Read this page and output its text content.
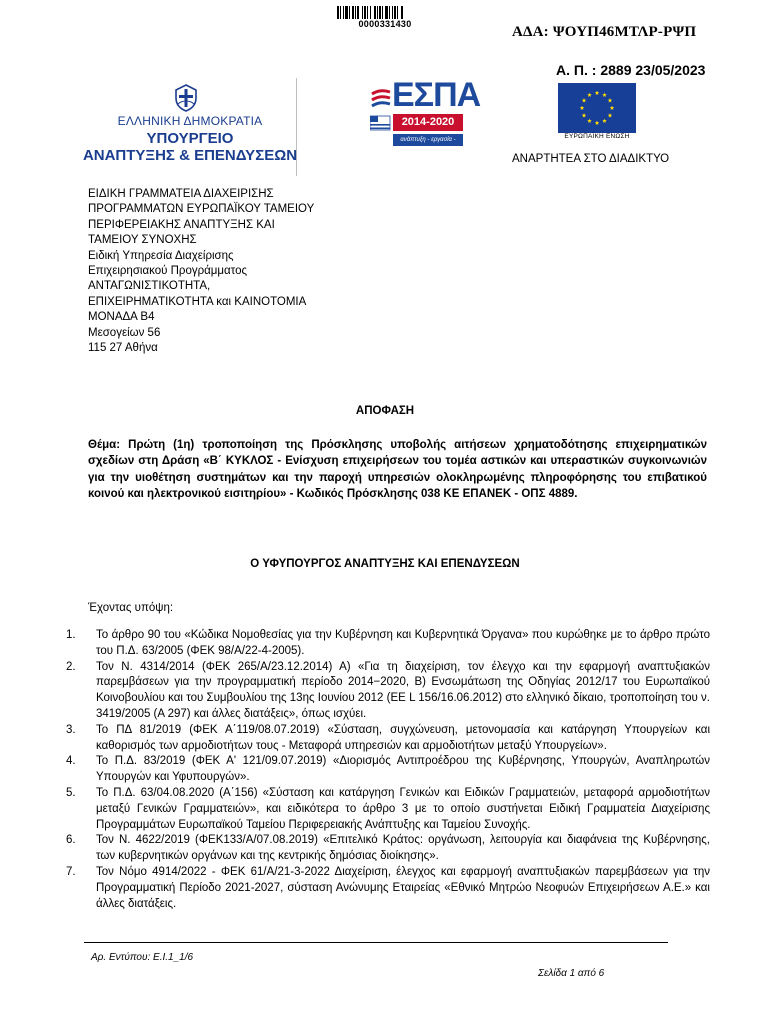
0000331430	ΑΔΑ: ΨΟΥΠ46ΜΤΛΡ-ΡΨΠ
Α. Π. : 2889 23/05/2023
ΕΛΛΗΝΙΚΗ ΔΗΜΟΚΡΑΤΙΑ
ΥΠΟΥΡΓΕΙΟ
ΑΝΑΠΤΥΞΗΣ & ΕΠΕΝΔΥΣΕΩΝ
ΕΣΠΑ
2014-2020
ανάπτυξη - εργασία - αλληλεγγύη
ΕΥΡΩΠΑΪΚΗ ΕΝΩΣΗ
ΑΝΑΡΤΗΤΕΑ ΣΤΟ ΔΙΑΔΙΚΤΥΟ
ΕΙΔΙΚΗ ΓΡΑΜΜΑΤΕΙΑ ΔΙΑΧΕΙΡΙΣΗΣ
ΠΡΟΓΡΑΜΜΑΤΩΝ ΕΥΡΩΠΑΪΚΟΥ ΤΑΜΕΙΟΥ
ΠΕΡΙΦΕΡΕΙΑΚΗΣ ΑΝΑΠΤΥΞΗΣ ΚΑΙ
ΤΑΜΕΙΟΥ ΣΥΝΟΧΗΣ
Ειδική Υπηρεσία Διαχείρισης
Επιχειρησιακού Προγράμματος
ΑΝΤΑΓΩΝΙΣΤΙΚΟΤΗΤΑ,
ΕΠΙΧΕΙΡΗΜΑΤΙΚΟΤΗΤΑ και ΚΑΙΝΟΤΟΜΙΑ
ΜΟΝΑΔΑ Β4
Μεσογείων 56
115 27 Αθήνα
ΑΠΟΦΑΣΗ
Θέμα: Πρώτη (1η) τροποποίηση της Πρόσκλησης υποβολής αιτήσεων χρηματοδότησης επιχειρηματικών σχεδίων στη Δράση «Β΄ ΚΥΚΛΟΣ - Ενίσχυση επιχειρήσεων του τομέα αστικών και υπεραστικών συγκοινωνιών για την υιοθέτηση συστημάτων και την παροχή υπηρεσιών ολοκληρωμένης πληροφόρησης του επιβατικού κοινού και ηλεκτρονικού εισιτηρίου» - Κωδικός Πρόσκλησης 038 ΚΕ ΕΠΑΝΕΚ - ΟΠΣ 4889.
Ο ΥΦΥΠΟΥΡΓΟΣ ΑΝΑΠΤΥΞΗΣ ΚΑΙ ΕΠΕΝΔΥΣΕΩΝ
Έχοντας υπόψη:
1.	Το άρθρο 90 του «Κώδικα Νομοθεσίας για την Κυβέρνηση και Κυβερνητικά Όργανα» που κυρώθηκε με το άρθρο πρώτο του Π.Δ. 63/2005 (ΦΕΚ 98/Α/22-4-2005).
2.	Τον Ν. 4314/2014 (ΦΕΚ 265/Α/23.12.2014) Α) «Για τη διαχείριση, τον έλεγχο και την εφαρμογή αναπτυξιακών παρεμβάσεων για την προγραμματική περίοδο 2014−2020, Β) Ενσωμάτωση της Οδηγίας 2012/17 του Ευρωπαϊκού Κοινοβουλίου και του Συμβουλίου της 13ης Ιουνίου 2012 (ΕΕ L 156/16.06.2012) στο ελληνικό δίκαιο, τροποποίηση του ν. 3419/2005 (Α 297) και άλλες διατάξεις», όπως ισχύει.
3.	Το ΠΔ 81/2019 (ΦΕΚ Α΄119/08.07.2019) «Σύσταση, συγχώνευση, μετονομασία και κατάργηση Υπουργείων και καθορισμός των αρμοδιοτήτων τους - Μεταφορά υπηρεσιών και αρμοδιοτήτων μεταξύ Υπουργείων».
4.	Το Π.Δ. 83/2019 (ΦΕΚ Α' 121/09.07.2019) «Διορισμός Αντιπροέδρου της Κυβέρνησης, Υπουργών, Αναπληρωτών Υπουργών και Υφυπουργών».
5.	Το Π.Δ. 63/04.08.2020 (Α΄156) «Σύσταση και κατάργηση Γενικών και Ειδικών Γραμματειών, μεταφορά αρμοδιοτήτων μεταξύ Γενικών Γραμματειών», και ειδικότερα το άρθρο 3 με το οποίο συστήνεται Ειδική Γραμματεία Διαχείρισης Προγραμμάτων Ευρωπαϊκού Ταμείου Περιφερειακής Ανάπτυξης και Ταμείου Συνοχής.
6.	Τον Ν. 4622/2019 (ΦΕΚ133/Α/07.08.2019) «Επιτελικό Κράτος: οργάνωση, λειτουργία και διαφάνεια της Κυβέρνησης, των κυβερνητικών οργάνων και της κεντρικής δημόσιας διοίκησης».
7.	Τον Νόμο 4914/2022 - ΦΕΚ 61/Α/21-3-2022 Διαχείριση, έλεγχος και εφαρμογή αναπτυξιακών παρεμβάσεων για την Προγραμματική Περίοδο 2021-2027, σύσταση Ανώνυμης Εταιρείας «Εθνικό Μητρώο Νεοφυών Επιχειρήσεων Α.Ε.» και άλλες διατάξεις.
Αρ. Εντύπου: Ε.Ι.1_1/6
Σελίδα 1 από 6
